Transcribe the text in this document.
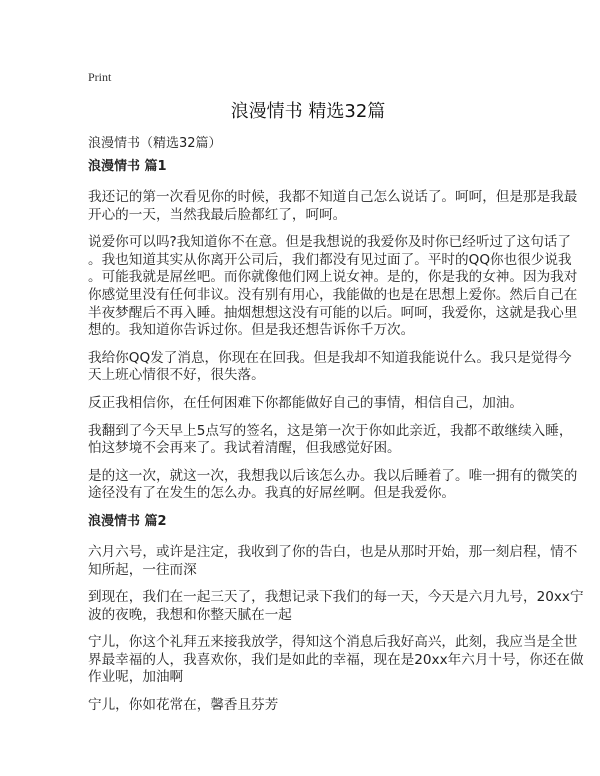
Print
浪漫情书 精选32篇
浪漫情书（精选32篇）
浪漫情书 篇1
我还记的第一次看见你的时候，我都不知道自己怎么说话了。呵呵，但是那是我最
开心的一天，当然我最后脸都红了，呵呵。
说爱你可以吗?我知道你不在意。但是我想说的我爱你及时你已经听过了这句话了
。我也知道其实从你离开公司后，我们都没有见过面了。平时的QQ你也很少说我
。可能我就是屌丝吧。而你就像他们网上说女神。是的，你是我的女神。因为我对
你感觉里没有任何非议。没有别有用心，我能做的也是在思想上爱你。然后自己在
半夜梦醒后不再入睡。抽烟想想这没有可能的以后。呵呵，我爱你，这就是我心里
想的。我知道你告诉过你。但是我还想告诉你千万次。
我给你QQ发了消息，你现在在回我。但是我却不知道我能说什么。我只是觉得今
天上班心情很不好，很失落。
反正我相信你，在任何困难下你都能做好自己的事情，相信自己，加油。
我翻到了今天早上5点写的签名，这是第一次于你如此亲近，我都不敢继续入睡，
怕这梦境不会再来了。我试着清醒，但我感觉好困。
是的这一次，就这一次，我想我以后该怎么办。我以后睡着了。唯一拥有的微笑的
途径没有了在发生的怎么办。我真的好屌丝啊。但是我爱你。
浪漫情书 篇2
六月六号，或许是注定，我收到了你的告白，也是从那时开始，那一刻启程，情不
知所起，一往而深
到现在，我们在一起三天了，我想记录下我们的每一天，今天是六月九号，20xx宁
波的夜晚，我想和你整天腻在一起
宁儿，你这个礼拜五来接我放学，得知这个消息后我好高兴，此刻，我应当是全世
界最幸福的人，我喜欢你，我们是如此的幸福，现在是20xx年六月十号，你还在做
作业呢，加油啊
宁儿，你如花常在，馨香且芬芳
